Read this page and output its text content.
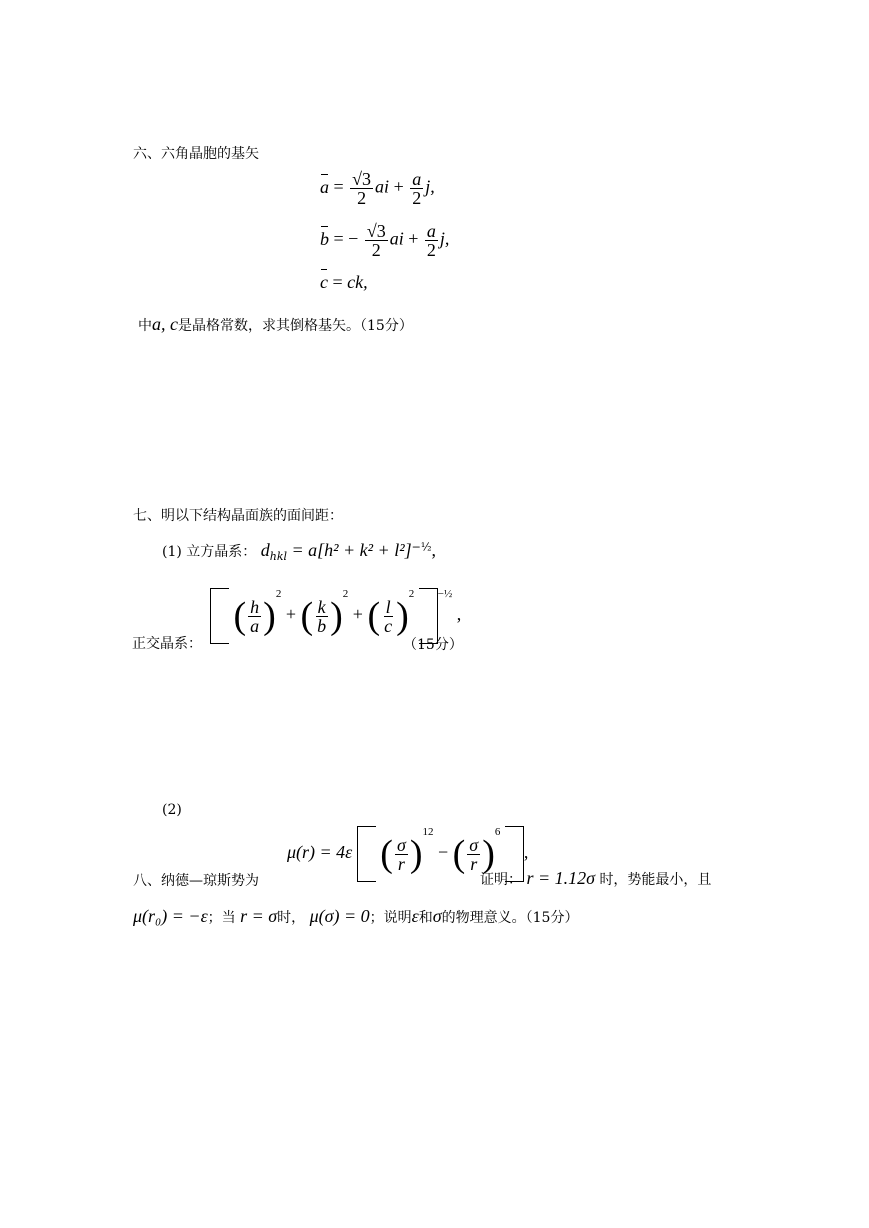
六、六角晶胞的基矢
$a = \frac{√3}{2}$ ai + $\frac{a}{2} j$,
b = − $\frac{√3}{2}$ ai + $\frac{a}{2} j$,
c = ck,
中a, c是晶格常数，求其倒格基矢。（15分）
七、明以下结构晶面族的面间距：
(1) 立方晶系： $d_{hkl} = a[h^2 + k^2 + l^2]^{-\frac{1}{2}}$,
正交晶系：

( $\frac{h}{a}$ )
$^2$ + ( $\frac{k}{b}$ )
$^2$ + ( $\frac{l}{c}$ )
$^2$ $^{-\frac{1}{2}}$ ,
（15分）
(2)
μ(r) = 4ε ( $\frac{\sigma}{r}$ )
$^{12}$ − ( $\frac{\sigma}{r}$ )
$^6$ ,
八、纳德—琼斯势为	证明： r = 1.12σ 时，势能最小，且
μ(r₀) = −ε；当 r = σ时， μ(σ) = 0；说明ε和σ的物理意义。（15分）
